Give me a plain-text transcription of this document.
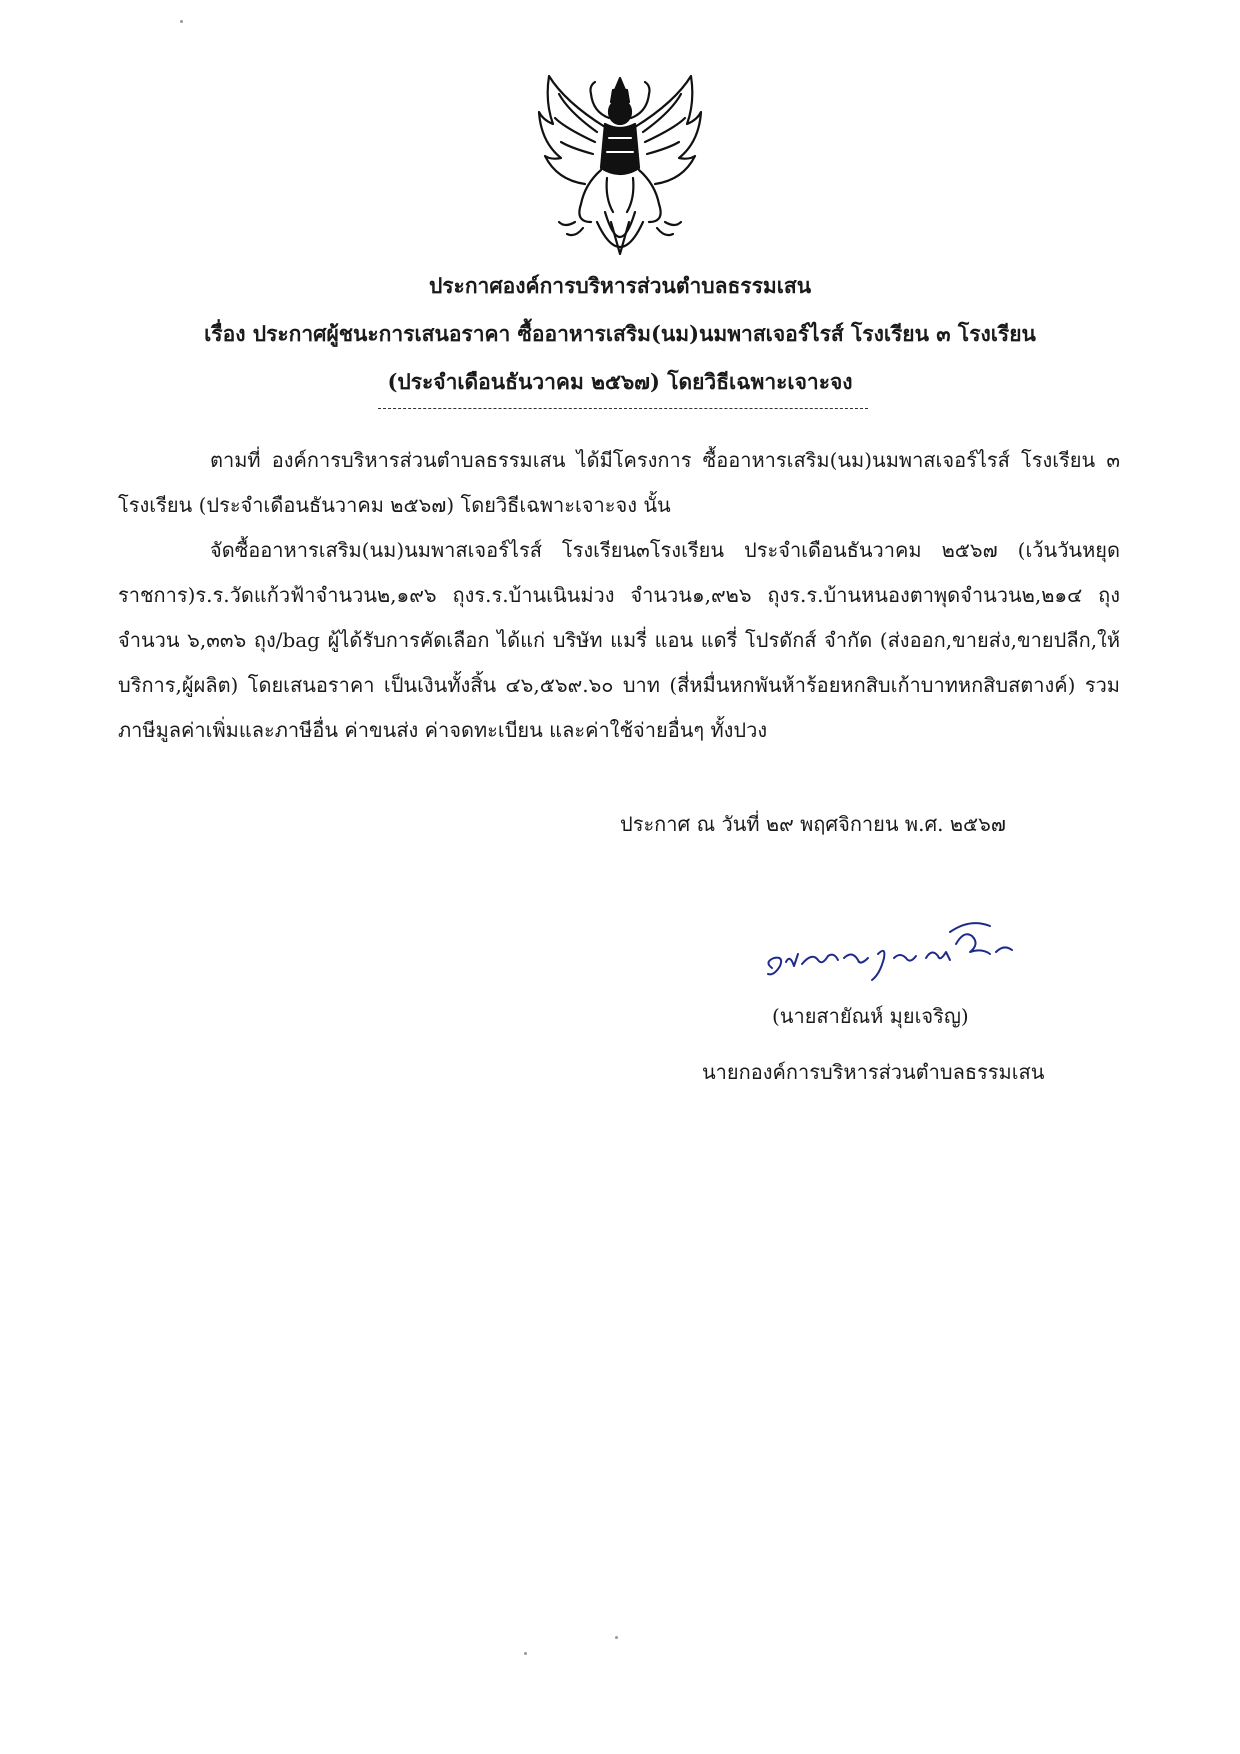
ประกาศองค์การบริหารส่วนตำบลธรรมเสน
เรื่อง ประกาศผู้ชนะการเสนอราคา ซื้ออาหารเสริม(นม)นมพาสเจอร์ไรส์ โรงเรียน ๓ โรงเรียน
(ประจำเดือนธันวาคม ๒๕๖๗) โดยวิธีเฉพาะเจาะจง

ตามที่ องค์การบริหารส่วนตำบลธรรมเสน ได้มีโครงการ ซื้ออาหารเสริม(นม)นมพาสเจอร์ไรส์ โรงเรียน ๓ โรงเรียน (ประจำเดือนธันวาคม ๒๕๖๗) โดยวิธีเฉพาะเจาะจง นั้น

จัดซื้ออาหารเสริม(นม)นมพาสเจอร์ไรส์ โรงเรียน๓โรงเรียน ประจำเดือนธันวาคม ๒๕๖๗ (เว้นวันหยุดราชการ)ร.ร.วัดแก้วฟ้าจำนวน๒,๑๙๖ ถุงร.ร.บ้านเนินม่วง จำนวน๑,๙๒๖ ถุงร.ร.บ้านหนองตาพุดจำนวน๒,๒๑๔ ถุง จำนวน ๖,๓๓๖ ถุง/bag ผู้ได้รับการคัดเลือก ได้แก่ บริษัท แมรี่ แอน แดรี่ โปรดักส์ จำกัด (ส่งออก,ขายส่ง,ขายปลีก,ให้บริการ,ผู้ผลิต) โดยเสนอราคา เป็นเงินทั้งสิ้น ๔๖,๕๖๙.๖๐ บาท (สี่หมื่นหกพันห้าร้อยหกสิบเก้าบาทหกสิบสตางค์) รวมภาษีมูลค่าเพิ่มและภาษีอื่น ค่าขนส่ง ค่าจดทะเบียน และค่าใช้จ่ายอื่นๆ ทั้งปวง

ประกาศ ณ วันที่ ๒๙ พฤศจิกายน พ.ศ. ๒๕๖๗
(นายสายัณห์ มุยเจริญ)
นายกองค์การบริหารส่วนตำบลธรรมเสน
